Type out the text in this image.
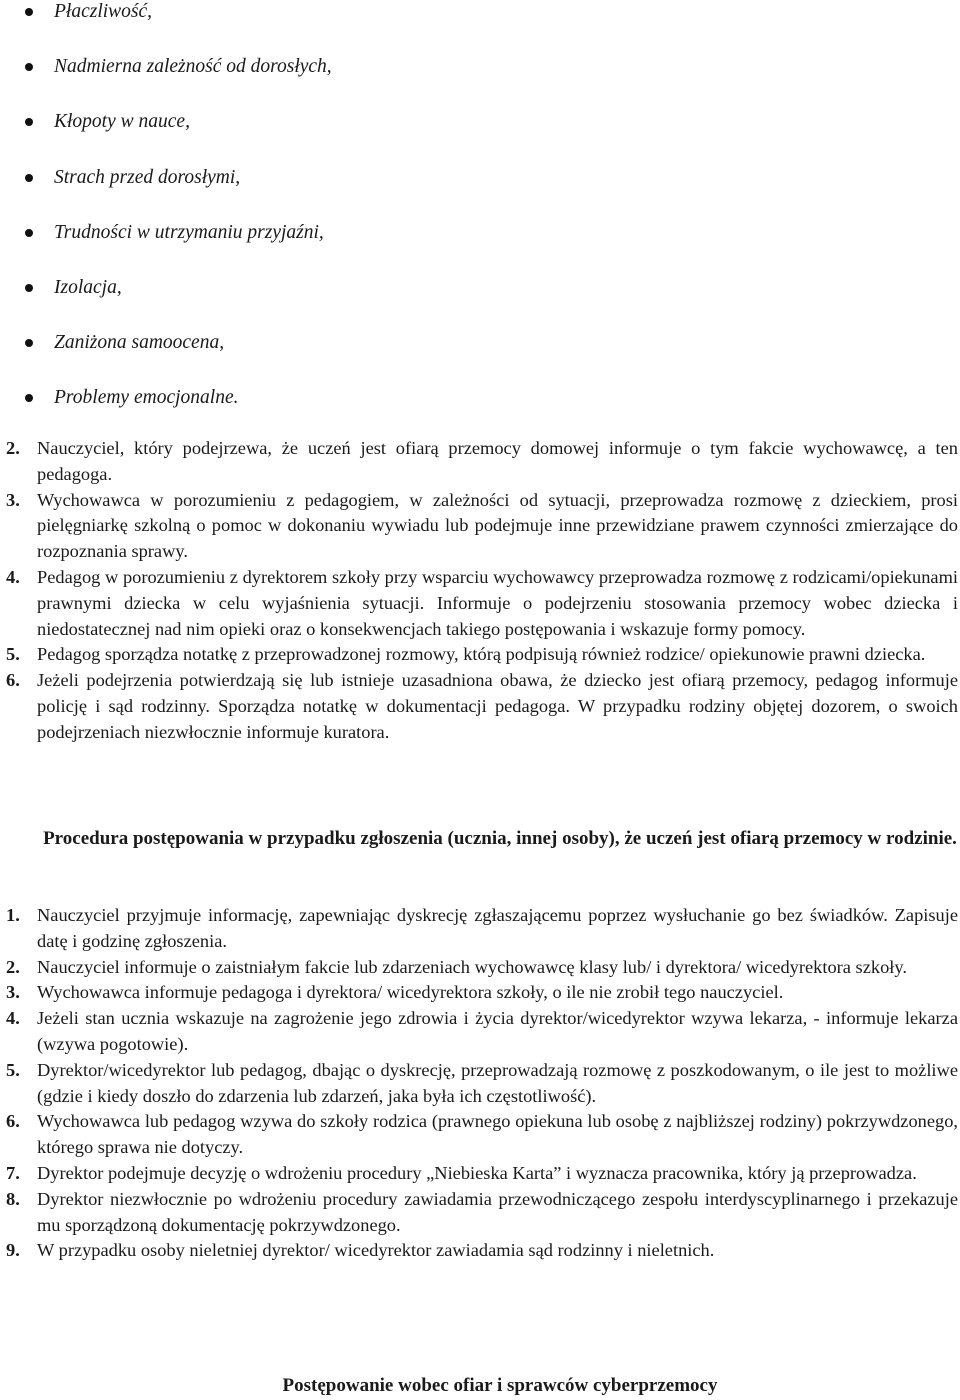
Płaczliwość,
Nadmierna zależność od dorosłych,
Kłopoty w nauce,
Strach przed dorosłymi,
Trudności w utrzymaniu przyjaźni,
Izolacja,
Zaniżona samoocena,
Problemy emocjonalne.
2. Nauczyciel, który podejrzewa, że uczeń jest ofiarą przemocy domowej informuje o tym fakcie wychowawcę, a ten pedagoga.
3. Wychowawca w porozumieniu z pedagogiem, w zależności od sytuacji, przeprowadza rozmowę z dzieckiem, prosi pielęgniarkę szkolną o pomoc w dokonaniu wywiadu lub podejmuje inne przewidziane prawem czynności zmierzające do rozpoznania sprawy.
4. Pedagog w porozumieniu z dyrektorem szkoły przy wsparciu wychowawcy przeprowadza rozmowę z rodzicami/opiekunami prawnymi dziecka w celu wyjaśnienia sytuacji. Informuje o podejrzeniu stosowania przemocy wobec dziecka i niedostatecznej nad nim opieki oraz o konsekwencjach takiego postępowania i wskazuje formy pomocy.
5. Pedagog sporządza notatkę z przeprowadzonej rozmowy, którą podpisują również rodzice/ opiekunowie prawni dziecka.
6. Jeżeli podejrzenia potwierdzają się lub istnieje uzasadniona obawa, że dziecko jest ofiarą przemocy, pedagog informuje policję i sąd rodzinny. Sporządza notatkę w dokumentacji pedagoga. W przypadku rodziny objętej dozorem, o swoich podejrzeniach niezwłocznie informuje kuratora.
Procedura postępowania w przypadku zgłoszenia (ucznia, innej osoby), że uczeń jest ofiarą przemocy w rodzinie.
1. Nauczyciel przyjmuje informację, zapewniając dyskrecję zgłaszającemu poprzez wysłuchanie go bez świadków. Zapisuje datę i godzinę zgłoszenia.
2. Nauczyciel informuje o zaistniałym fakcie lub zdarzeniach wychowawcę klasy lub/ i dyrektora/ wicedyrektora szkoły.
3. Wychowawca informuje pedagoga i dyrektora/ wicedyrektora szkoły, o ile nie zrobił tego nauczyciel.
4. Jeżeli stan ucznia wskazuje na zagrożenie jego zdrowia i życia dyrektor/wicedyrektor wzywa lekarza, - informuje lekarza (wzywa pogotowie).
5. Dyrektor/wicedyrektor lub pedagog, dbając o dyskrecję, przeprowadzają rozmowę z poszkodowanym, o ile jest to możliwe (gdzie i kiedy doszło do zdarzenia lub zdarzeń, jaka była ich częstotliwość).
6. Wychowawca lub pedagog wzywa do szkoły rodzica (prawnego opiekuna lub osobę z najbliższej rodziny) pokrzywdzonego, którego sprawa nie dotyczy.
7. Dyrektor podejmuje decyzję o wdrożeniu procedury „Niebieska Karta” i wyznacza pracownika, który ją przeprowadza.
8. Dyrektor niezwłocznie po wdrożeniu procedury zawiadamia przewodniczącego zespołu interdyscyplinarnego i przekazuje mu sporządzoną dokumentację pokrzywdzonego.
9. W przypadku osoby nieletniej dyrektor/ wicedyrektor zawiadamia sąd rodzinny i nieletnich.
Postępowanie wobec ofiar i sprawców cyberprzemocy
